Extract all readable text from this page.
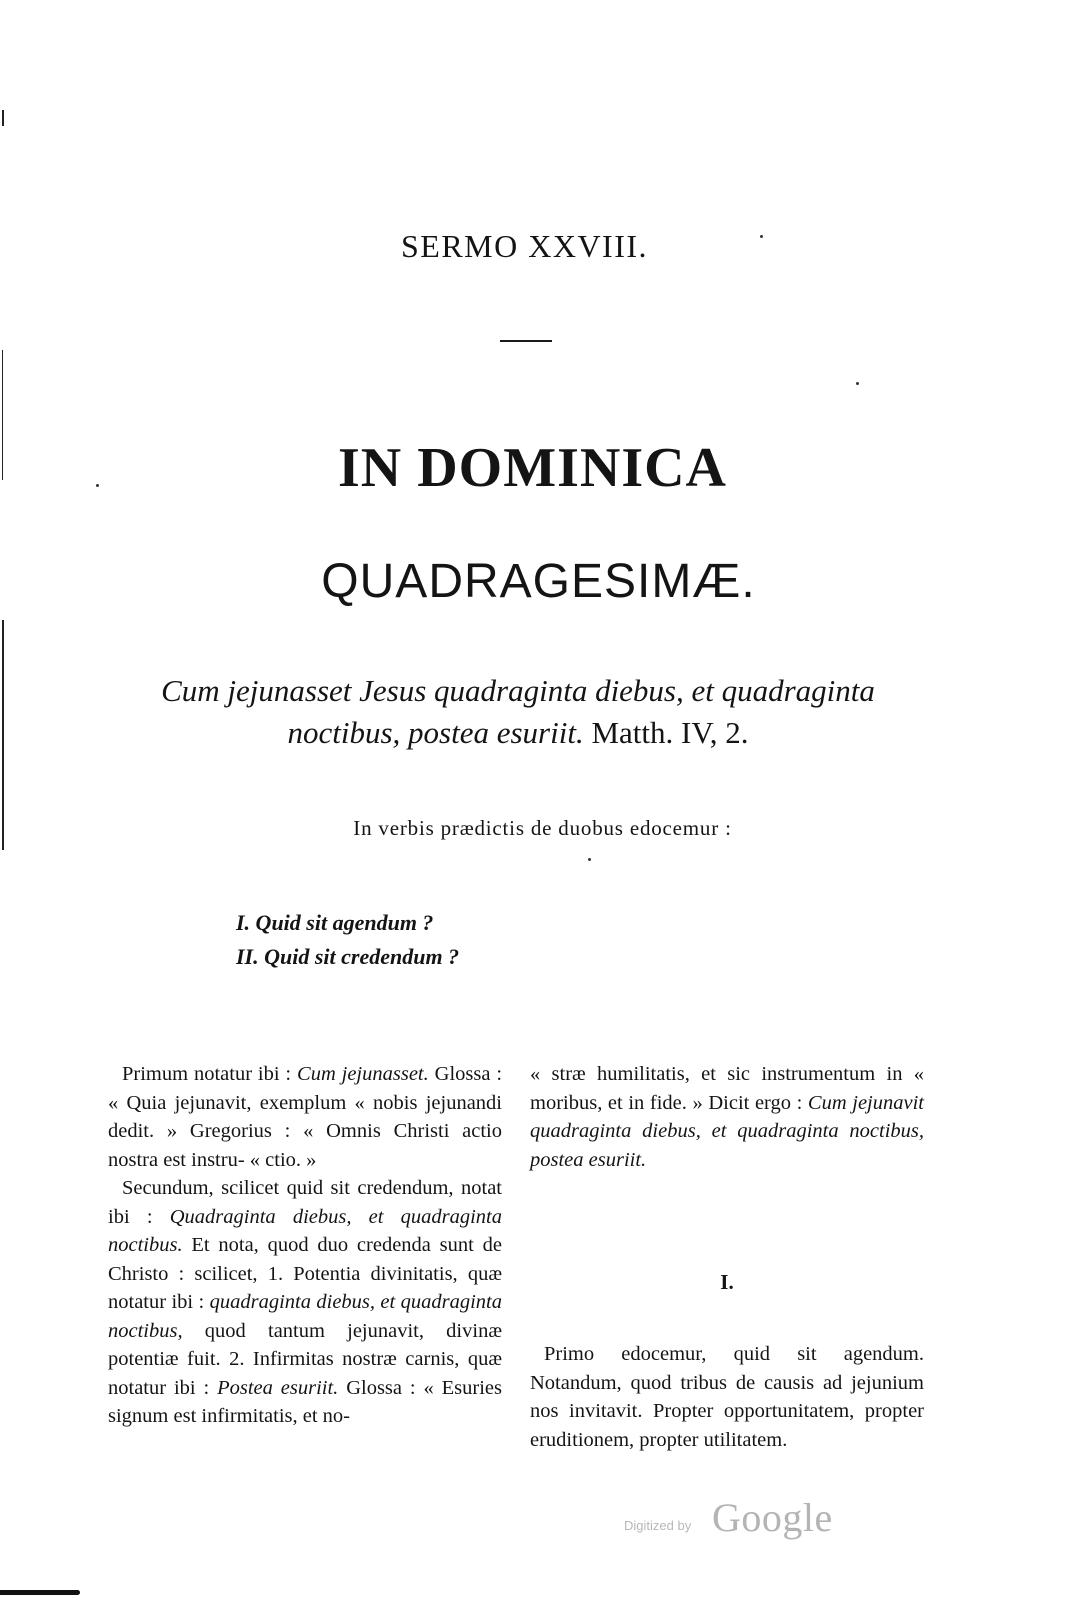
SERMO XXVIII.
IN DOMINICA
QUADRAGESIMÆ.
Cum jejunasset Jesus quadraginta diebus, et quadraginta
noctibus, postea esuriit. Matth. IV, 2.
In verbis prædictis de duobus edocemur :
I. Quid sit agendum ?
II. Quid sit credendum ?

Primum notatur ibi : Cum jejunasset. Glossa : « Quia jejunavit, exemplum « nobis jejunandi dedit. » Gregorius : « Omnis Christi actio nostra est instru- « ctio. »

Secundum, scilicet quid sit credendum, notat ibi : Quadraginta diebus, et quadraginta noctibus. Et nota, quod duo credenda sunt de Christo : scilicet, 1. Potentia divinitatis, quæ notatur ibi : quadraginta diebus, et quadraginta noctibus, quod tantum jejunavit, divinæ potentiæ fuit. 2. Infirmitas nostræ carnis, quæ notatur ibi : Postea esuriit. Glossa : « Esuries signum est infirmitatis, et no-

« stræ humilitatis, et sic instrumentum in « moribus, et in fide. » Dicit ergo : Cum jejunavit quadraginta diebus, et quadraginta noctibus, postea esuriit.

I.

Primo edocemur, quid sit agendum. Notandum, quod tribus de causis ad jejunium nos invitavit. Propter opportunitatem, propter eruditionem, propter utilitatem.

Digitized by Google
